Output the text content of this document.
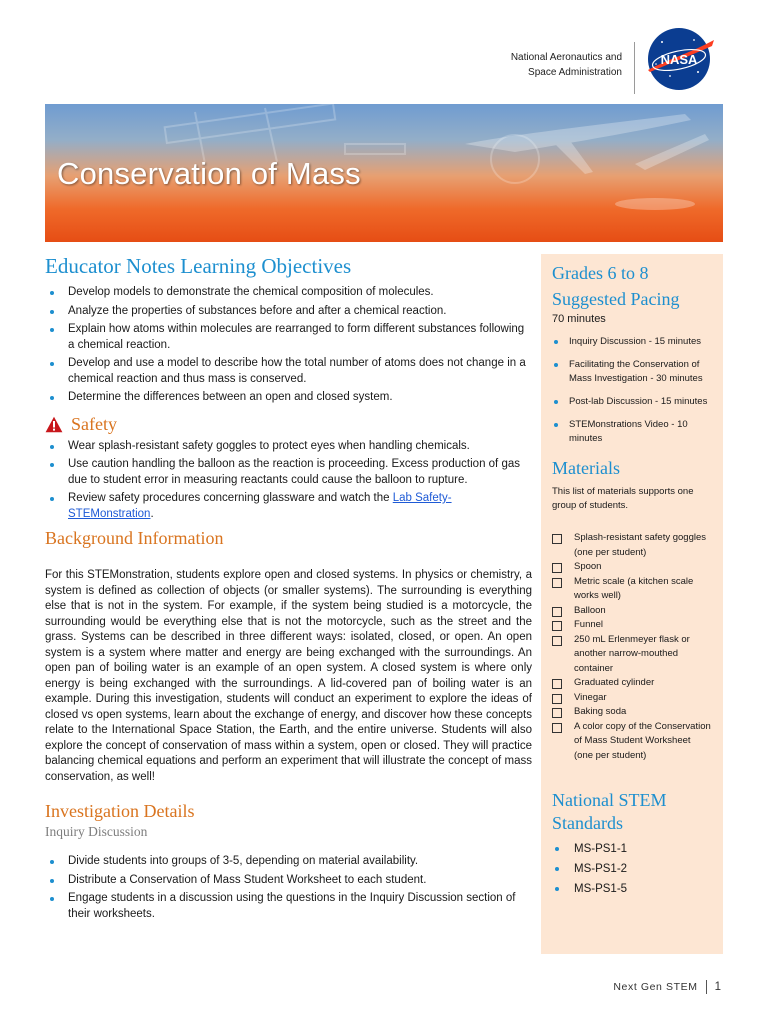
National Aeronautics and
Space Administration
NASA
Conservation of Mass
Educator Notes Learning Objectives
Develop models to demonstrate the chemical composition of molecules.
Analyze the properties of substances before and after a chemical reaction.
Explain how atoms within molecules are rearranged to form different substances following a chemical reaction.
Develop and use a model to describe how the total number of atoms does not change in a chemical reaction and thus mass is conserved.
Determine the differences between an open and closed system.
Safety
Wear splash-resistant safety goggles to protect eyes when handling chemicals.
Use caution handling the balloon as the reaction is proceeding. Excess production of gas due to student error in measuring reactants could cause the balloon to rupture.
Review safety procedures concerning glassware and watch the Lab Safety-STEMonstration.
Background Information

For this STEMonstration, students explore open and closed systems. In physics or chemistry, a system is defined as collection of objects (or smaller systems). The surrounding is everything else that is not in the system. For example, if the system being studied is a motorcycle, the surrounding would be everything else that is not the motorcycle, such as the street and the grass. Systems can be described in three different ways: isolated, closed, or open. An open system is a system where matter and energy are being exchanged with the surroundings. An open pan of boiling water is an example of an open system. A closed system is where only energy is being exchanged with the surroundings. A lid-covered pan of boiling water is an example. During this investigation, students will conduct an experiment to explore the ideas of closed vs open systems, learn about the exchange of energy, and discover how these concepts relate to the International Space Station, the Earth, and the entire universe. Students will also explore the concept of conservation of mass within a system, open or closed. They will practice balancing chemical equations and perform an experiment that will illustrate the concept of mass conservation, as well!

Investigation Details
Inquiry Discussion
Divide students into groups of 3-5, depending on material availability.
Distribute a Conservation of Mass Student Worksheet to each student.
Engage students in a discussion using the questions in the Inquiry Discussion section of their worksheets.
Grades 6 to 8
Suggested Pacing

70 minutes

Inquiry Discussion - 15 minutes
Facilitating the Conservation of Mass Investigation - 30 minutes
Post-lab Discussion - 15 minutes
STEMonstrations Video - 10 minutes
Materials

This list of materials supports one group of students.

Splash-resistant safety goggles (one per student)
Spoon
Metric scale (a kitchen scale works well)
Balloon
Funnel
250 mL Erlenmeyer flask or another narrow-mouthed container
Graduated cylinder
Vinegar
Baking soda
A color copy of the Conservation of Mass Student Worksheet (one per student)
National STEM
Standards
MS-PS1-1
MS-PS1-2
MS-PS1-5
Next Gen STEM 1
